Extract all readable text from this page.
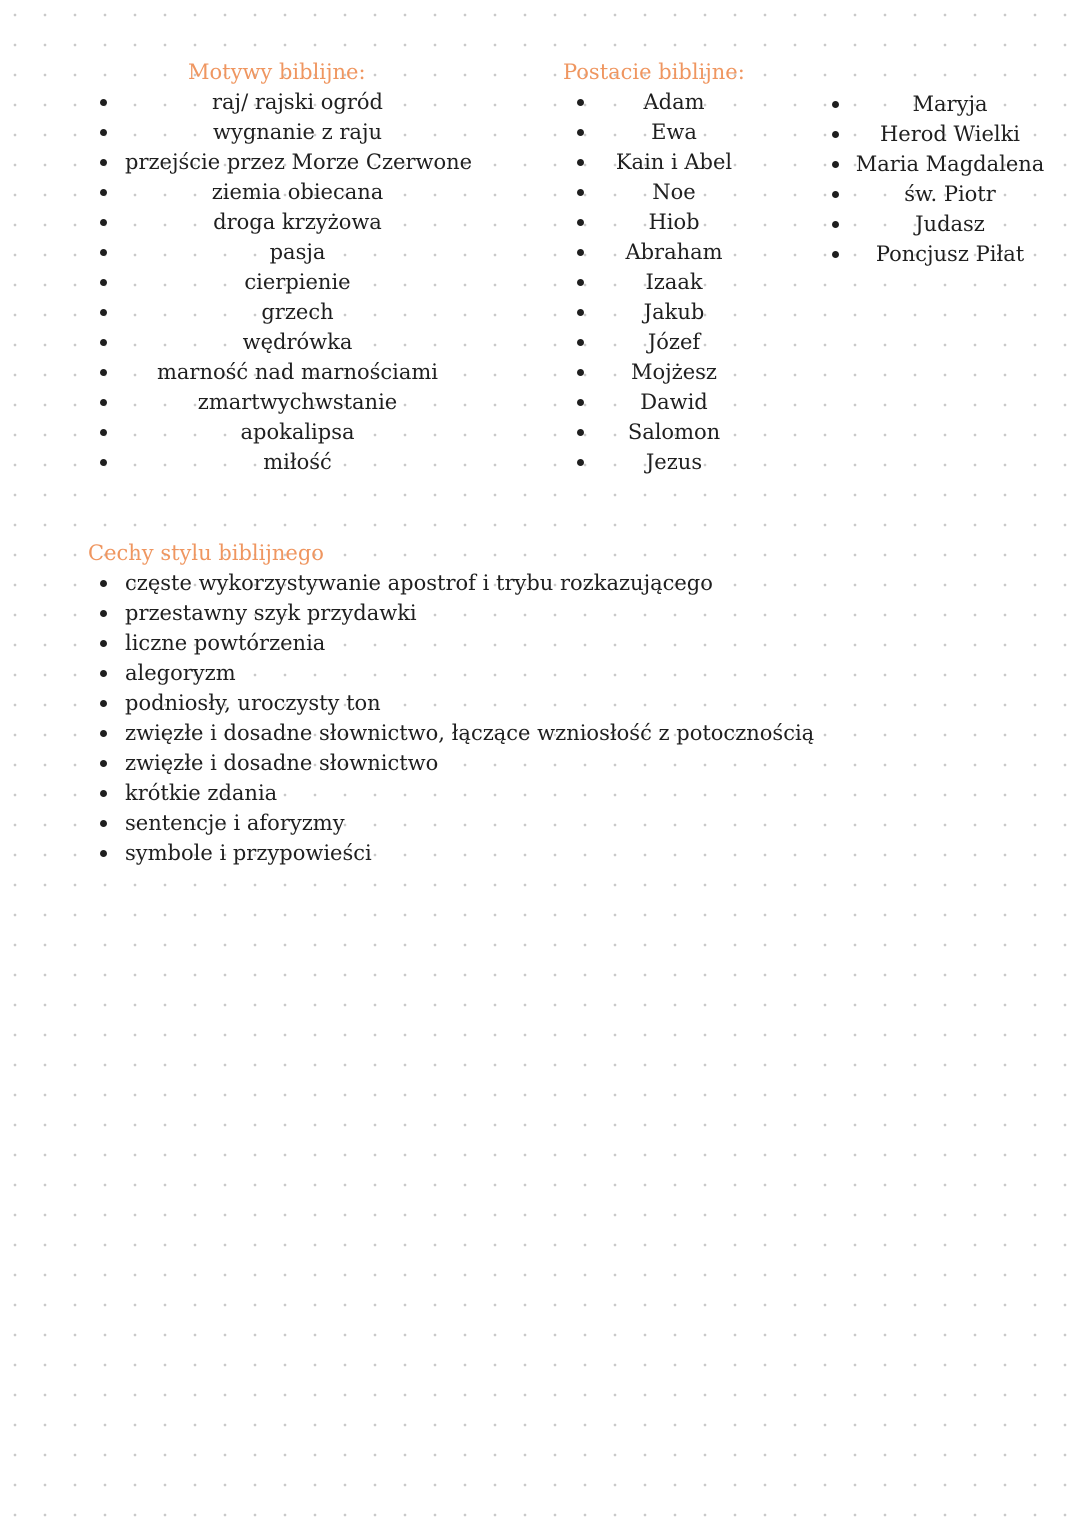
Motywy biblijne:	Postacie biblijne:
raj/ rajski ogród
wygnanie z raju
przejście przez Morze Czerwone
ziemia obiecana
droga krzyżowa
pasja
cierpienie
grzech
wędrówka
marność nad marnościami
zmartwychwstanie
apokalipsa
miłość
Adam
Ewa
Kain i Abel
Noe
Hiob
Abraham
Izaak
Jakub
Józef
Mojżesz
Dawid
Salomon
Jezus
Maryja
Herod Wielki
Maria Magdalena
św. Piotr
Judasz
Poncjusz Piłat
Cechy stylu biblijnego
częste wykorzystywanie apostrof i trybu rozkazującego
przestawny szyk przydawki
liczne powtórzenia
alegoryzm
podniosły, uroczysty ton
zwięzłe i dosadne słownictwo, łączące wzniosłość z potocznością
zwięzłe i dosadne słownictwo
krótkie zdania
sentencje i aforyzmy
symbole i przypowieści
